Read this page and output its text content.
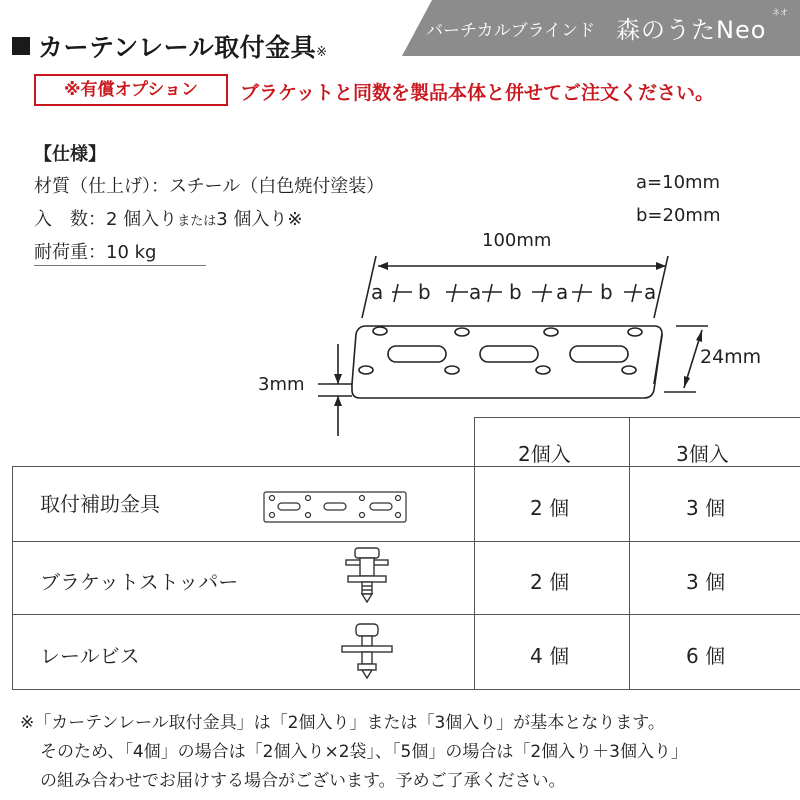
カーテンレール取付金具※
バーチカルブラインド 森のうたNeo
ネオ
※有償オプション	ブラケットと同数を製品本体と併せてご注文ください。
【仕様】
材質（仕上げ）：スチール（白色焼付塗装）
入　数：2 個入りまたは3 個入り※
耐荷重：10 kg
a=10mm
b=20mm
100mm
a b a b a b a
24mm
3mm
2個入	3個入
取付補助金具	2 個	3 個
ブラケットストッパー	2 個	3 個
レールビス	4 個	6 個
※「カーテンレール取付金具」は「2個入り」または「3個入り」が基本となります。
そのため、「4個」の場合は「2個入り×2袋」、「5個」の場合は「2個入り＋3個入り」
の組み合わせでお届けする場合がございます。予めご了承ください。
